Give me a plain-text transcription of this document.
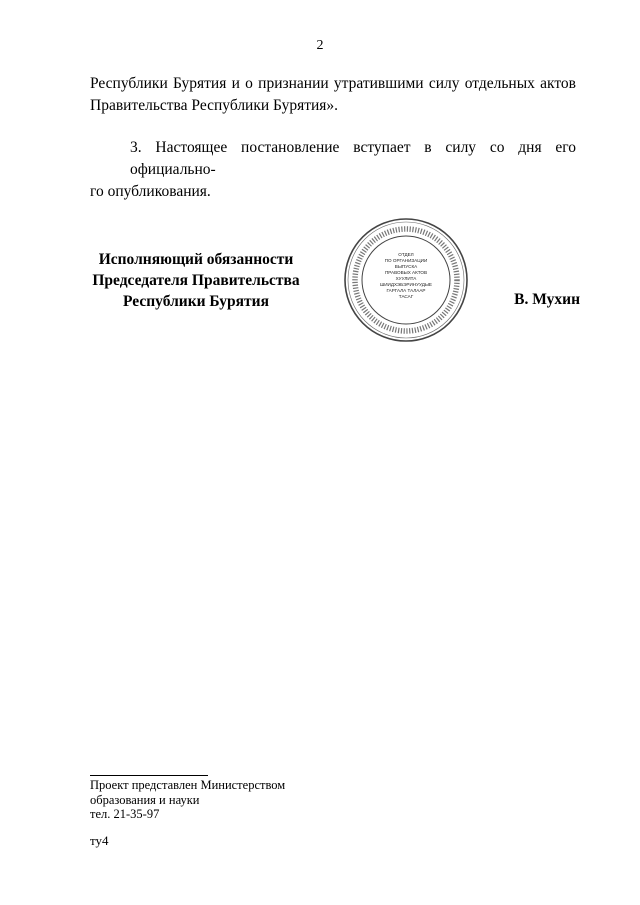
2
Республики Бурятия и о признании утратившими силу отдельных актов
Правительства Республики Бурятия».
3. Настоящее постановление вступает в силу со дня его официально-
го опубликования.
Исполняющий обязанности
Председателя Правительства
Республики Бурятия
ОТДЕЛ
ПО ОРГАНИЗАЦИИ
ВЫПУСКА
ПРАВОВЫХ АКТОВ
ХУУЛИТА
ШИИДХЭБЭРИНУУДЫЕ
ГАРГАЛА ТАЛААР
ТАСАГ	В. Мухин
Проект представлен Министерством
образования и науки
тел. 21-35-97
ту4
